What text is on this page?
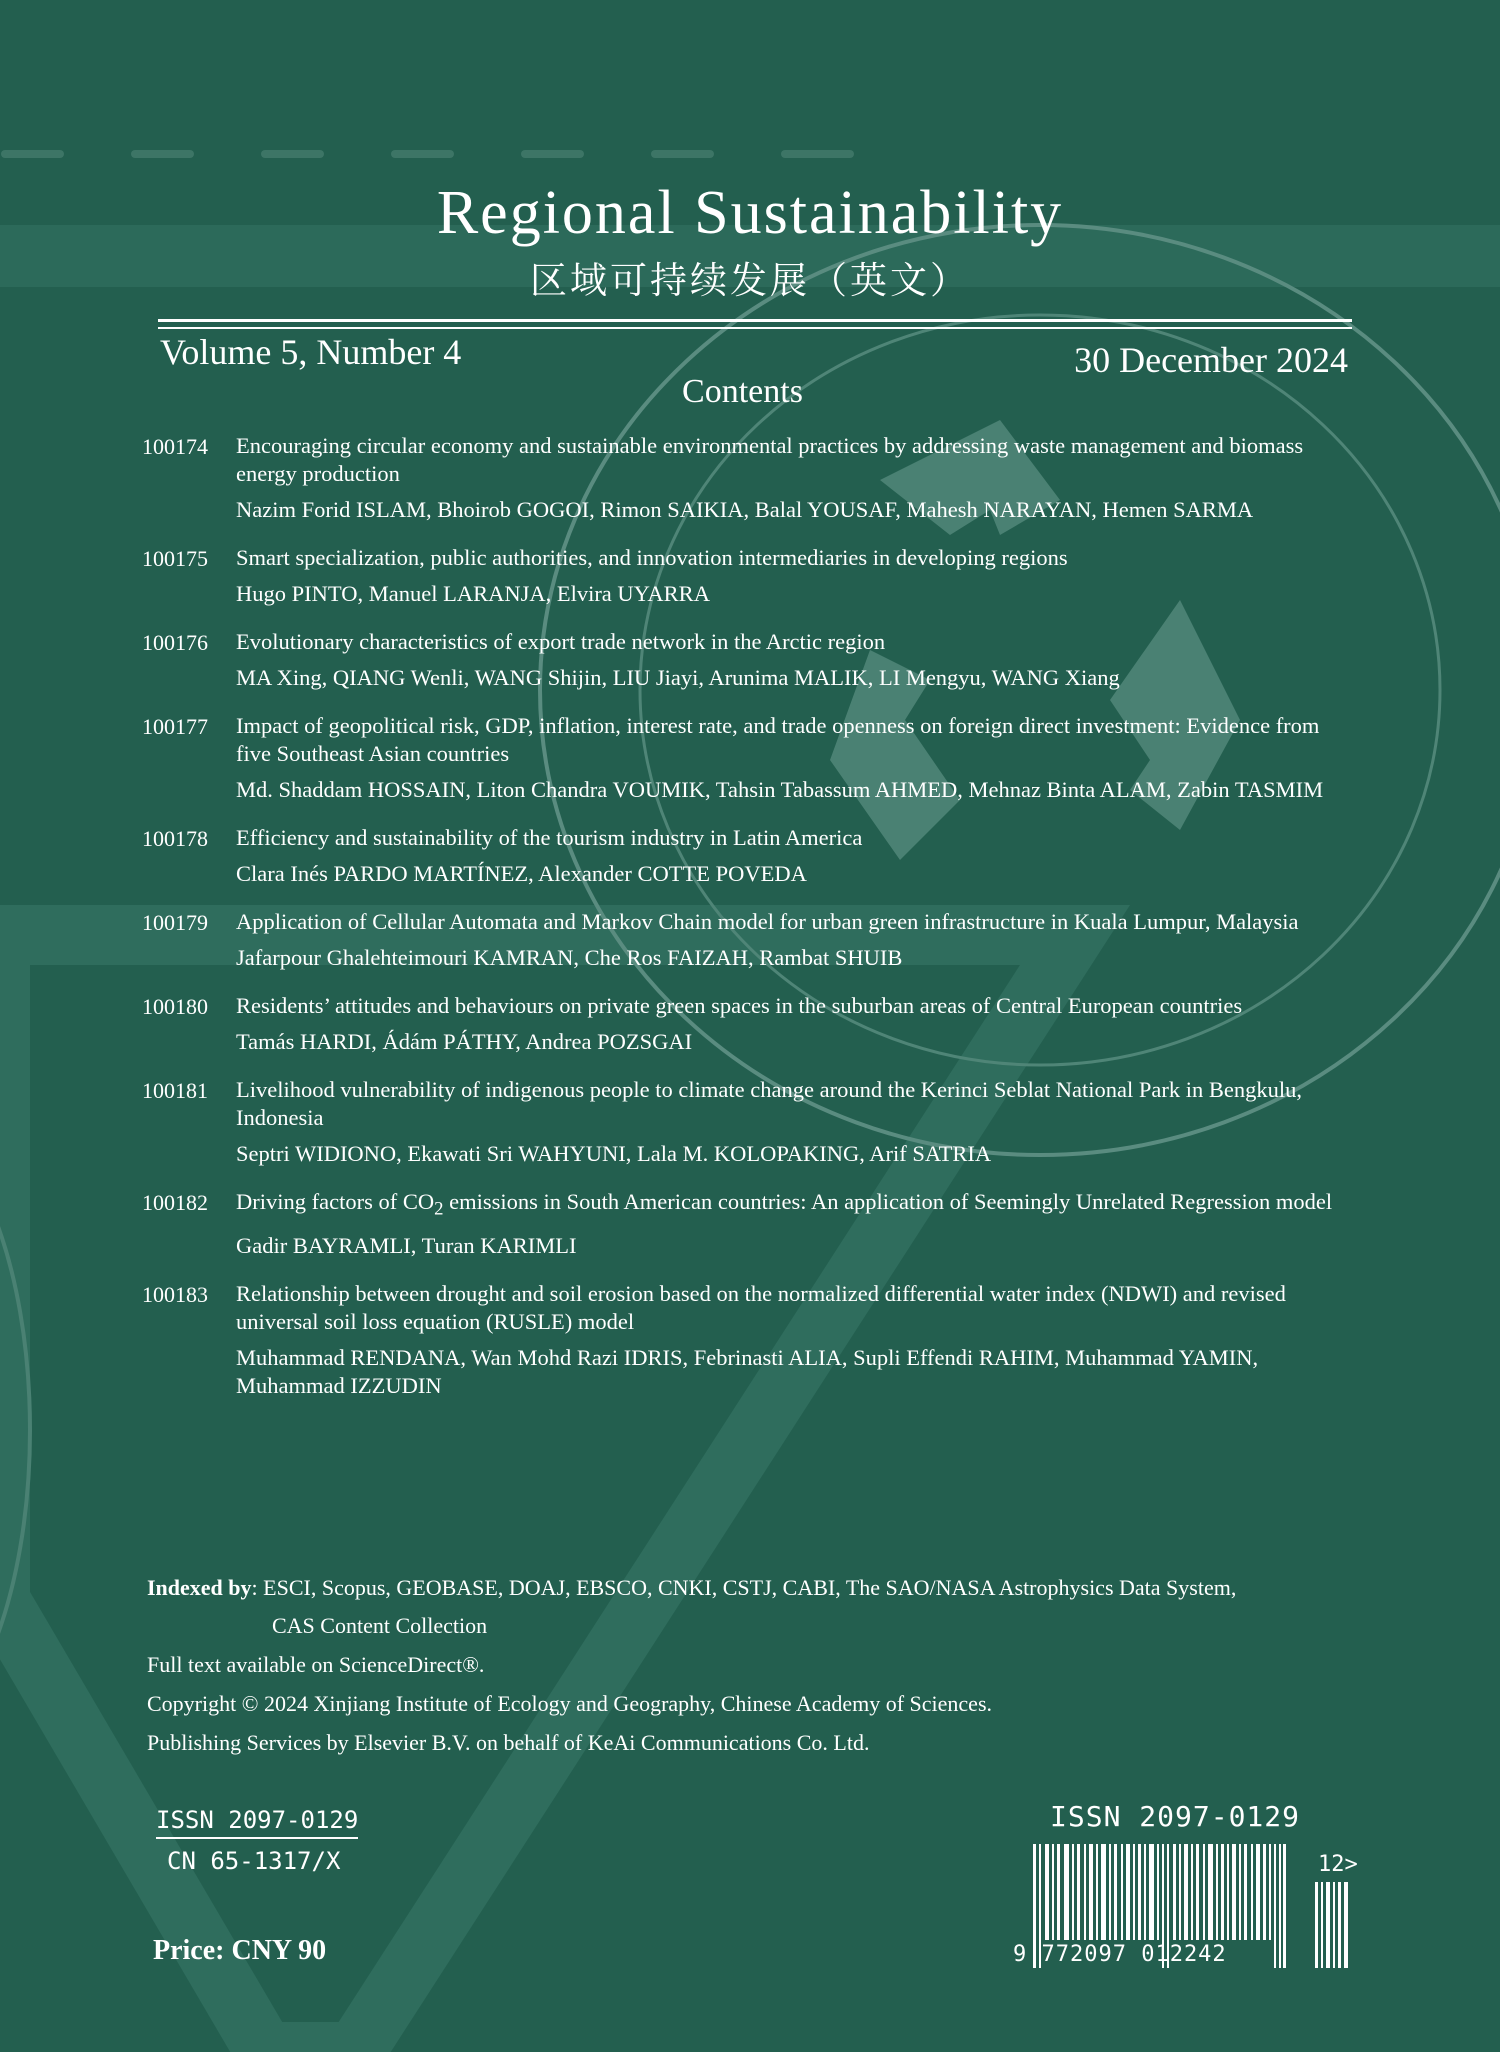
Regional Sustainability
区域可持续发展（英文）
Volume 5, Number 4	30 December 2024
Contents
100174	Encouraging circular economy and sustainable environmental practices by addressing waste management and biomass energy production
Nazim Forid ISLAM, Bhoirob GOGOI, Rimon SAIKIA, Balal YOUSAF, Mahesh NARAYAN, Hemen SARMA
100175	Smart specialization, public authorities, and innovation intermediaries in developing regions
Hugo PINTO, Manuel LARANJA, Elvira UYARRA
100176	Evolutionary characteristics of export trade network in the Arctic region
MA Xing, QIANG Wenli, WANG Shijin, LIU Jiayi, Arunima MALIK, LI Mengyu, WANG Xiang
100177	Impact of geopolitical risk, GDP, inflation, interest rate, and trade openness on foreign direct investment: Evidence from five Southeast Asian countries
Md. Shaddam HOSSAIN, Liton Chandra VOUMIK, Tahsin Tabassum AHMED, Mehnaz Binta ALAM, Zabin TASMIM
100178	Efficiency and sustainability of the tourism industry in Latin America
Clara Inés PARDO MARTÍNEZ, Alexander COTTE POVEDA
100179	Application of Cellular Automata and Markov Chain model for urban green infrastructure in Kuala Lumpur, Malaysia
Jafarpour Ghalehteimouri KAMRAN, Che Ros FAIZAH, Rambat SHUIB
100180	Residents’ attitudes and behaviours on private green spaces in the suburban areas of Central European countries
Tamás HARDI, Ádám PÁTHY, Andrea POZSGAI
100181	Livelihood vulnerability of indigenous people to climate change around the Kerinci Seblat National Park in Bengkulu, Indonesia
Septri WIDIONO, Ekawati Sri WAHYUNI, Lala M. KOLOPAKING, Arif SATRIA
100182	Driving factors of $CO_2$ emissions in South American countries: An application of Seemingly Unrelated Regression model
Gadir BAYRAMLI, Turan KARIMLI
100183	Relationship between drought and soil erosion based on the normalized differential water index (NDWI) and revised universal soil loss equation (RUSLE) model
Muhammad RENDANA, Wan Mohd Razi IDRIS, Febrinasti ALIA, Supli Effendi RAHIM, Muhammad YAMIN, Muhammad IZZUDIN
Indexed by: ESCI, Scopus, GEOBASE, DOAJ, EBSCO, CNKI, CSTJ, CABI, The SAO/NASA Astrophysics Data System,
CAS Content Collection
Full text available on ScienceDirect®.
Copyright © 2024 Xinjiang Institute of Ecology and Geography, Chinese Academy of Sciences.
Publishing Services by Elsevier B.V. on behalf of KeAi Communications Co. Ltd.
ISSN 2097-0129
CN 65-1317/X
Price: CNY 90
ISSN 2097-0129
12>
9 772097 012242
